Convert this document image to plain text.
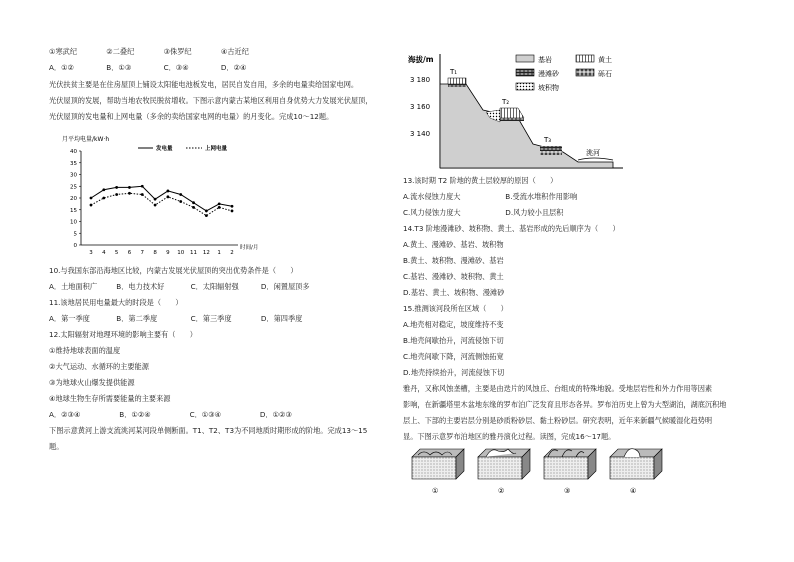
①寒武纪	②二叠纪	③侏罗纪	④古近纪
A．①②	B．①③	C．③④	D．②④
光伏扶贫主要是在住房屋顶上铺设太阳能电池板发电，居民自发自用，多余的电量卖给国家电网。
光伏屋顶的发展，帮助当地农牧民脱贫增收。下图示意内蒙古某地区利用自身优势大力发展光伏屋顶，
光伏屋顶的发电量和上网电量（多余的卖给国家电网的电量）的月变化。完成10～12题。
月平均电量/kW·h
0
5
10
15
20
25
30
35
40
3 4 5 6 7 8 9 10 11 12 1 2
发电量	上网电量
时间/月
10.与我国东部沿海地区比较，内蒙古发展光伏屋顶的突出优势条件是（　　）
A．土地面积广	B．电力技术好	C．太阳辐射强	D．闲置屋顶多
11.该地居民用电量最大的时段是（　　）
A．第一季度	B．第二季度	C．第三季度	D．第四季度
12.太阳辐射对地理环境的影响主要有（　　）
①维持地球表面的温度
②大气运动、水循环的主要能源
③为地球火山爆发提供能源
④地球生物生存所需要能量的主要来源
A．②③④	B．①②④	C．①③④	D．①②③
下图示意黄河上游支流洮河某河段单侧断面。T1、T2、T3为不同地质时期形成的阶地。完成13～15
题。
海拔/m
3 180
3 160
3 140
T₁
T₂
T₃
洮河
基岩	黄土
漫滩砂	砾石
坡积物
13.该时期 T2 阶地的黄土层较厚的原因（　　）
A.流水侵蚀力度大	B.受流水堆积作用影响
C.风力侵蚀力度大	D.风力较小且层积
14.T3 阶地漫滩砂、坡积物、黄土、基岩形成的先后顺序为（　　）
A.黄土、漫滩砂、基岩、坡积物
B.黄土、坡积物、漫滩砂、基岩
C.基岩、漫滩砂、坡积物、黄土
D.基岩、黄土、坡积物、漫滩砂
15.推测该河段所在区域（　　）
A.地壳相对稳定，坡度维持不变
B.地壳间歇抬升，河流侵蚀下切
C.地壳间歇下降，河流侧蚀拓宽
D.地壳持续抬升，河流侵蚀下切
雅丹，又称风蚀垄槽，主要是由迭片的风蚀丘、台组成的特殊地貌。受地层岩性和外力作用等因素
影响，在新疆塔里木盆地东缘的罗布泊广泛发育且形态各异。罗布泊历史上曾为大型湖泊，湖底沉积地
层上、下部的主要岩层分别是砂质粉砂层、黏土粉砂层。研究表明，近年来新疆气候暖湿化趋势明
显。下图示意罗布泊地区的雅丹演化过程。读图，完成16～17题。
①	②	③	④
